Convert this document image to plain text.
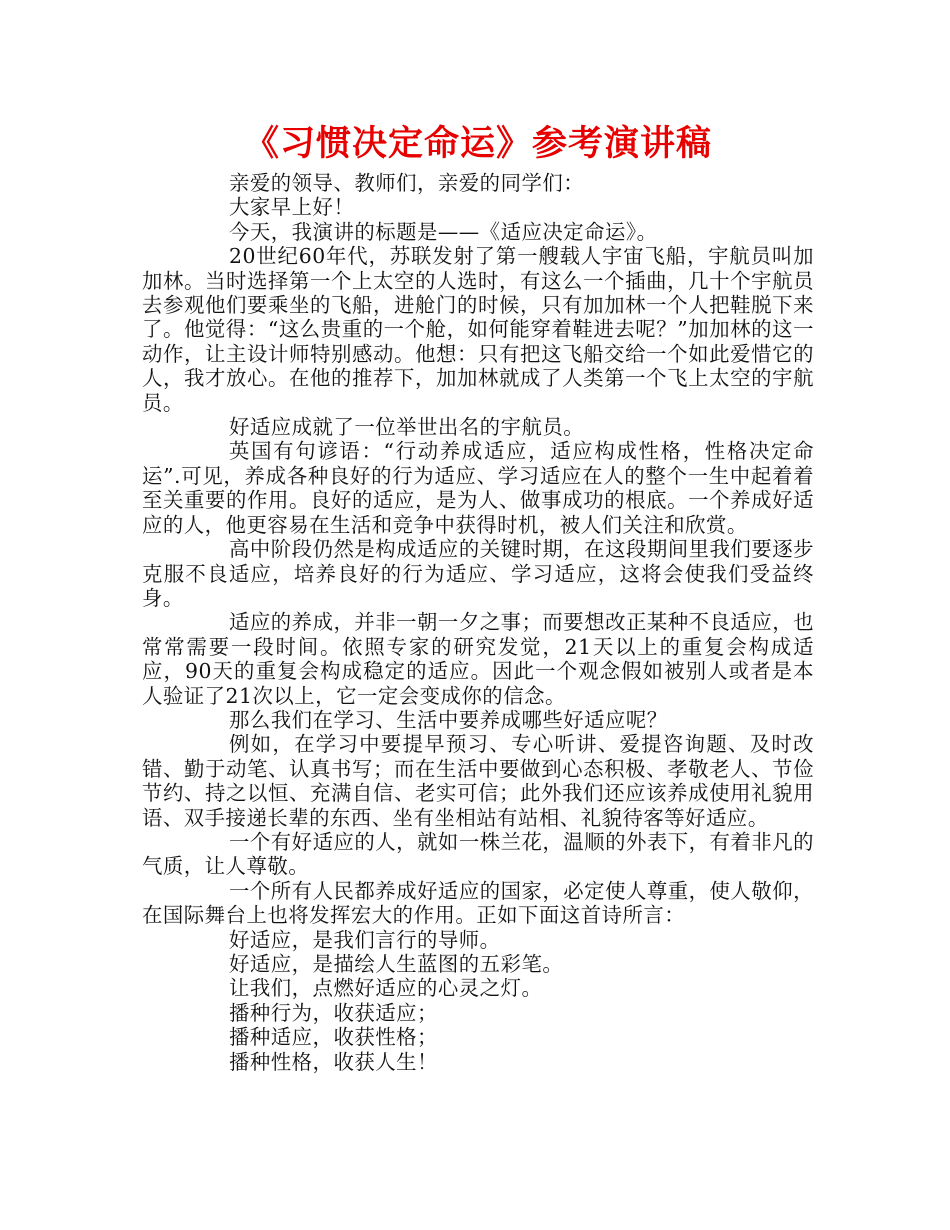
《习惯决定命运》参考演讲稿

亲爱的领导、教师们，亲爱的同学们：

大家早上好！

今天，我演讲的标题是——《适应决定命运》。

20世纪60年代，苏联发射了第一艘载人宇宙飞船，宇航员叫加加林。当时选择第一个上太空的人选时，有这么一个插曲，几十个宇航员去参观他们要乘坐的飞船，进舱门的时候，只有加加林一个人把鞋脱下来了。他觉得：“这么贵重的一个舱，如何能穿着鞋进去呢？”加加林的这一动作，让主设计师特别感动。他想：只有把这飞船交给一个如此爱惜它的人，我才放心。在他的推荐下，加加林就成了人类第一个飞上太空的宇航员。

好适应成就了一位举世出名的宇航员。

英国有句谚语：“行动养成适应，适应构成性格，性格决定命运”.可见，养成各种良好的行为适应、学习适应在人的整个一生中起着着至关重要的作用。良好的适应，是为人、做事成功的根底。一个养成好适应的人，他更容易在生活和竞争中获得时机，被人们关注和欣赏。

高中阶段仍然是构成适应的关键时期，在这段期间里我们要逐步克服不良适应，培养良好的行为适应、学习适应，这将会使我们受益终身。

适应的养成，并非一朝一夕之事；而要想改正某种不良适应，也常常需要一段时间。依照专家的研究发觉，21天以上的重复会构成适应，90天的重复会构成稳定的适应。因此一个观念假如被别人或者是本人验证了21次以上，它一定会变成你的信念。

那么我们在学习、生活中要养成哪些好适应呢？

例如，在学习中要提早预习、专心听讲、爱提咨询题、及时改错、勤于动笔、认真书写；而在生活中要做到心态积极、孝敬老人、节俭节约、持之以恒、充满自信、老实可信；此外我们还应该养成使用礼貌用语、双手接递长辈的东西、坐有坐相站有站相、礼貌待客等好适应。

一个有好适应的人，就如一株兰花，温顺的外表下，有着非凡的气质，让人尊敬。

一个所有人民都养成好适应的国家，必定使人尊重，使人敬仰，在国际舞台上也将发挥宏大的作用。正如下面这首诗所言：

好适应，是我们言行的导师。

好适应，是描绘人生蓝图的五彩笔。

让我们，点燃好适应的心灵之灯。

播种行为，收获适应；

播种适应，收获性格；

播种性格，收获人生！
